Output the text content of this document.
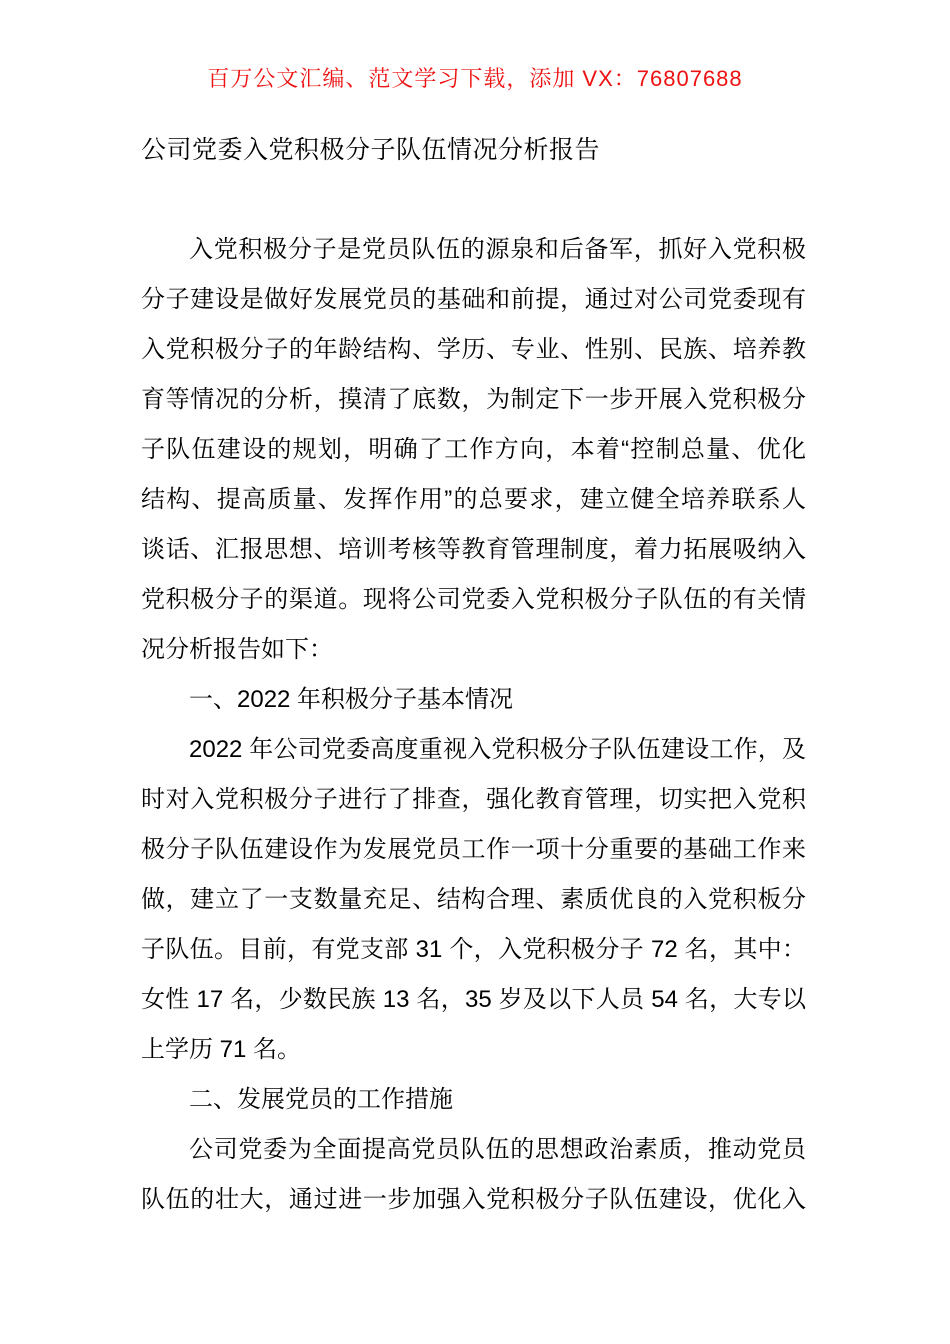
百万公文汇编、范文学习下载，添加 VX：76807688
公司党委入党积极分子队伍情况分析报告
入党积极分子是党员队伍的源泉和后备军，抓好入党积极
分子建设是做好发展党员的基础和前提，通过对公司党委现有
入党积极分子的年龄结构、学历、专业、性别、民族、培养教
育等情况的分析，摸清了底数，为制定下一步开展入党积极分
子队伍建设的规划，明确了工作方向，本着“控制总量、优化
结构、提高质量、发挥作用”的总要求，建立健全培养联系人
谈话、汇报思想、培训考核等教育管理制度，着力拓展吸纳入
党积极分子的渠道。现将公司党委入党积极分子队伍的有关情
况分析报告如下：
一、2022 年积极分子基本情况
2022 年公司党委高度重视入党积极分子队伍建设工作，及
时对入党积极分子进行了排查，强化教育管理，切实把入党积
极分子队伍建设作为发展党员工作一项十分重要的基础工作来
做，建立了一支数量充足、结构合理、素质优良的入党积板分
子队伍。目前，有党支部 31 个，入党积极分子 72 名，其中：
女性 17 名，少数民族 13 名，35 岁及以下人员 54 名，大专以
上学历 71 名。
二、发展党员的工作措施
公司党委为全面提高党员队伍的思想政治素质，推动党员
队伍的壮大，通过进一步加强入党积极分子队伍建设，优化入
